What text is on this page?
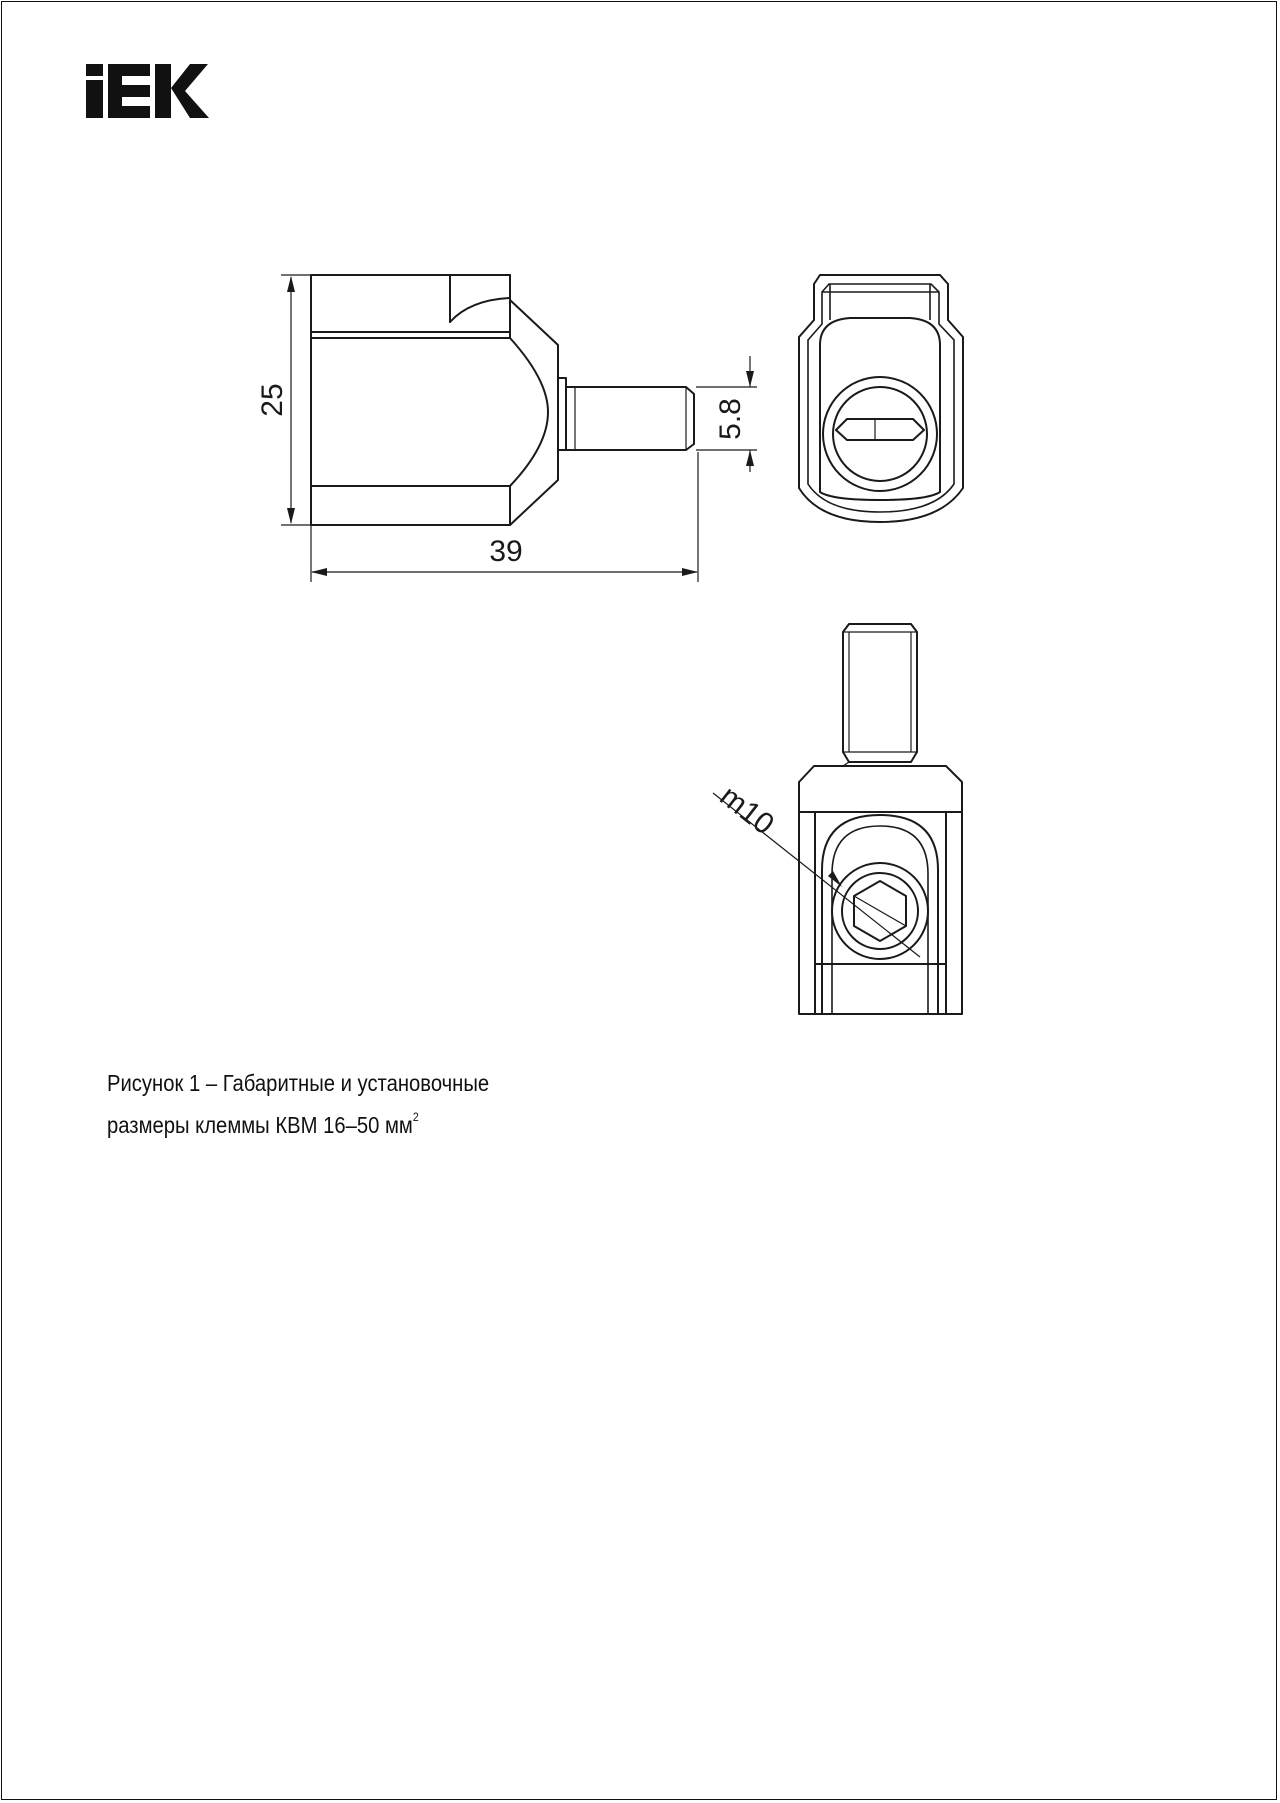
25
39
5.8
m10
Рисунок 1 – Габаритные и установочные
размеры клеммы КВМ 16–50 $мм^2$
